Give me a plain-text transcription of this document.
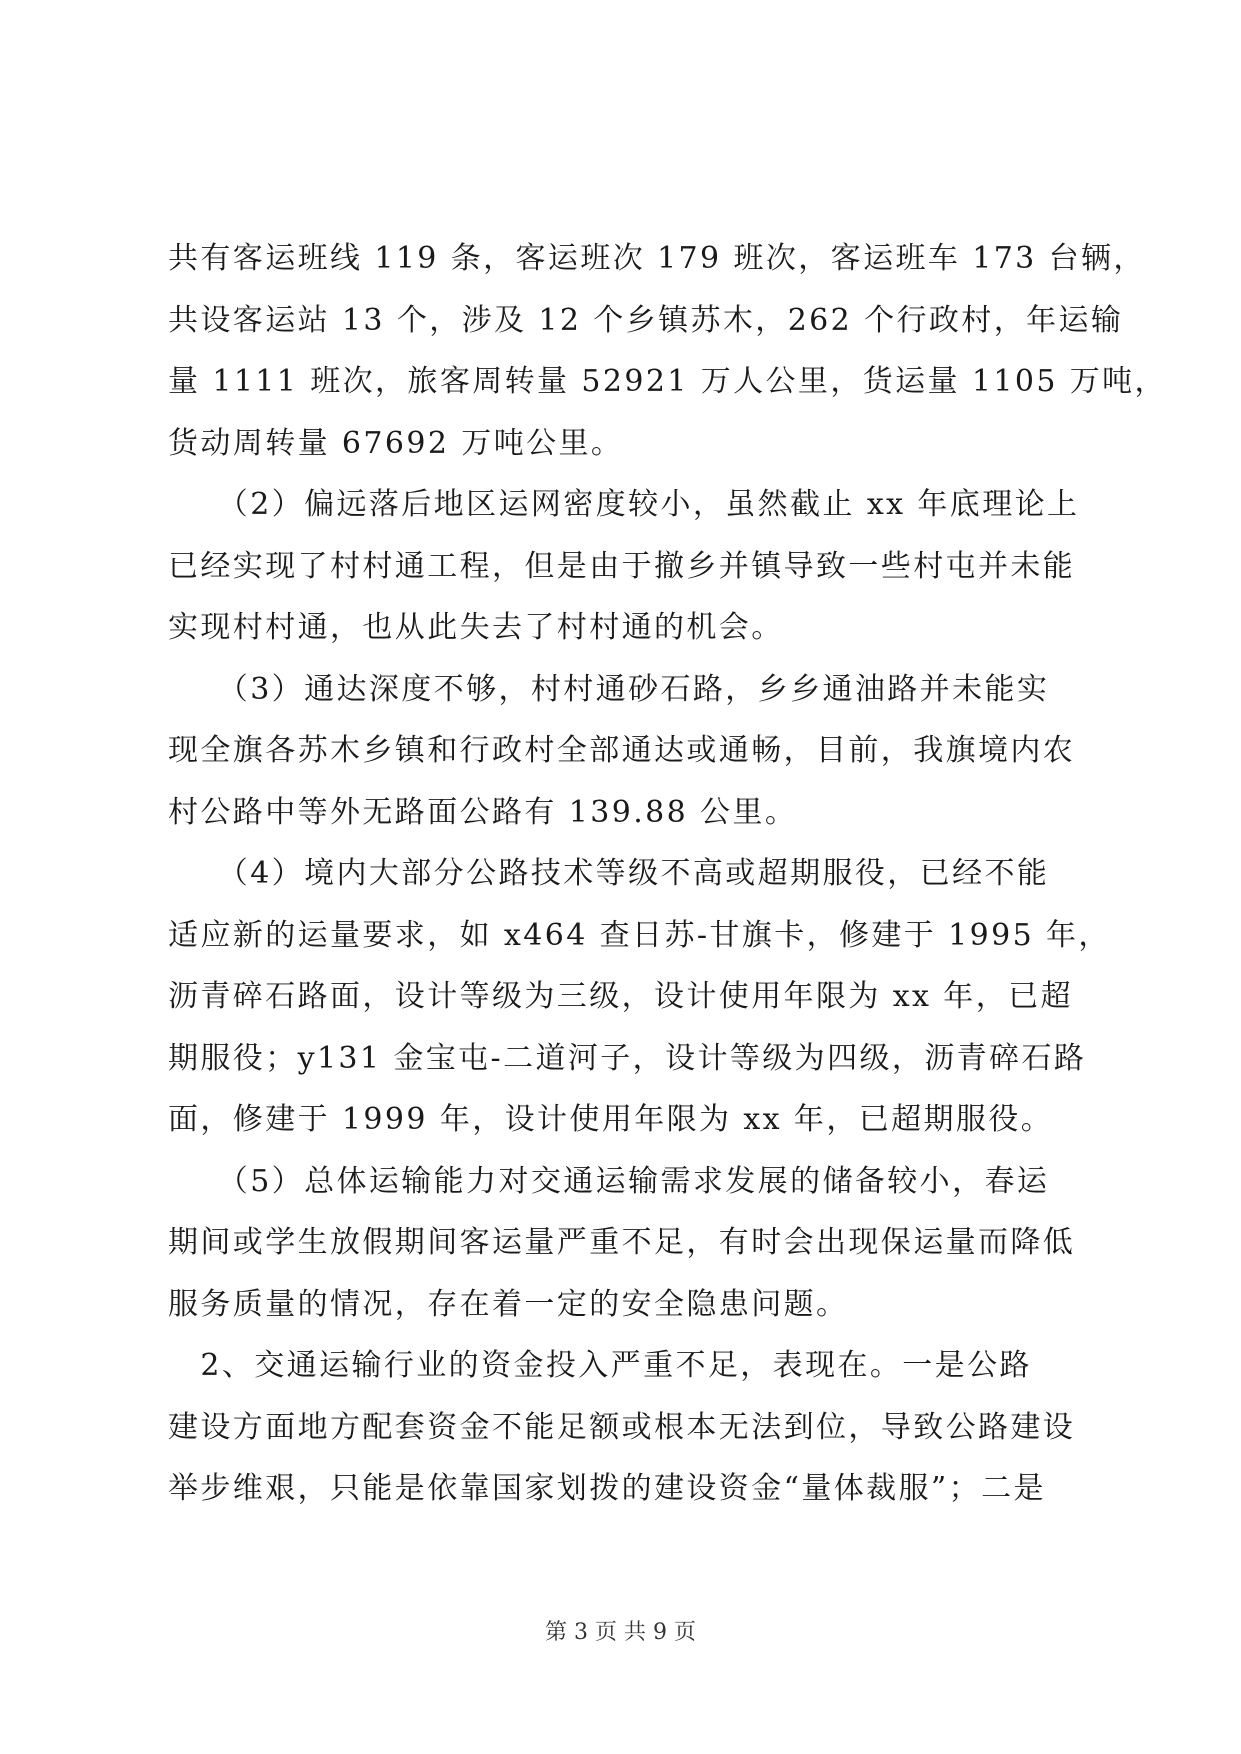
共有客运班线 119 条，客运班次 179 班次，客运班车 173 台辆，
共设客运站 13 个，涉及 12 个乡镇苏木，262 个行政村，年运输
量 1111 班次，旅客周转量 52921 万人公里，货运量 1105 万吨，
货动周转量 67692 万吨公里。
　　（2）偏远落后地区运网密度较小，虽然截止 xx 年底理论上
已经实现了村村通工程，但是由于撤乡并镇导致一些村屯并未能
实现村村通，也从此失去了村村通的机会。
　　（3）通达深度不够，村村通砂石路，乡乡通油路并未能实
现全旗各苏木乡镇和行政村全部通达或通畅，目前，我旗境内农
村公路中等外无路面公路有 139.88 公里。
　　（4）境内大部分公路技术等级不高或超期服役，已经不能
适应新的运量要求，如 x464 查日苏-甘旗卡，修建于 1995 年，
沥青碎石路面，设计等级为三级，设计使用年限为 xx 年，已超
期服役；y131 金宝屯-二道河子，设计等级为四级，沥青碎石路
面，修建于 1999 年，设计使用年限为 xx 年，已超期服役。
　　（5）总体运输能力对交通运输需求发展的储备较小，春运
期间或学生放假期间客运量严重不足，有时会出现保运量而降低
服务质量的情况，存在着一定的安全隐患问题。
　2、交通运输行业的资金投入严重不足，表现在。一是公路
建设方面地方配套资金不能足额或根本无法到位，导致公路建设
举步维艰，只能是依靠国家划拨的建设资金“量体裁服”；二是
第 3 页 共 9 页
